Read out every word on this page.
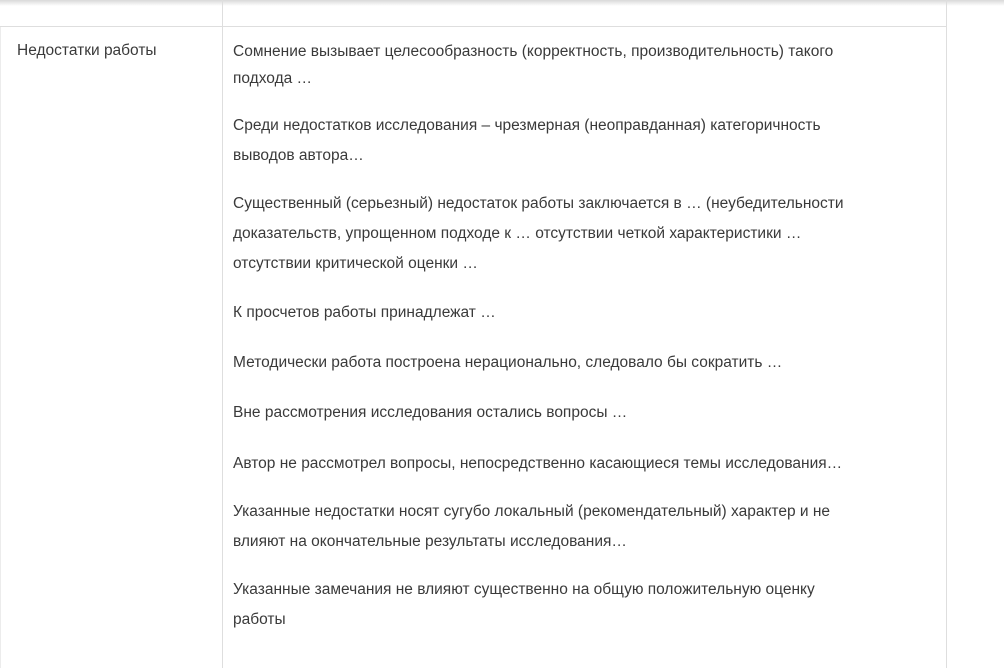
Недостатки работы	Сомнение вызывает целесообразность (корректность, производительность) такого
подхода …

Среди недостатков исследования – чрезмерная (неоправданная) категоричность
выводов автора…

Существенный (серьезный) недостаток работы заключается в … (неубедительности
доказательств, упрощенном подходе к … отсутствии четкой характеристики …
отсутствии критической оценки …

К просчетов работы принадлежат …

Методически работа построена нерационально, следовало бы сократить …

Вне рассмотрения исследования остались вопросы …

Автор не рассмотрел вопросы, непосредственно касающиеся темы исследования…

Указанные недостатки носят сугубо локальный (рекомендательный) характер и не
влияют на окончательные результаты исследования…

Указанные замечания не влияют существенно на общую положительную оценку
работы
